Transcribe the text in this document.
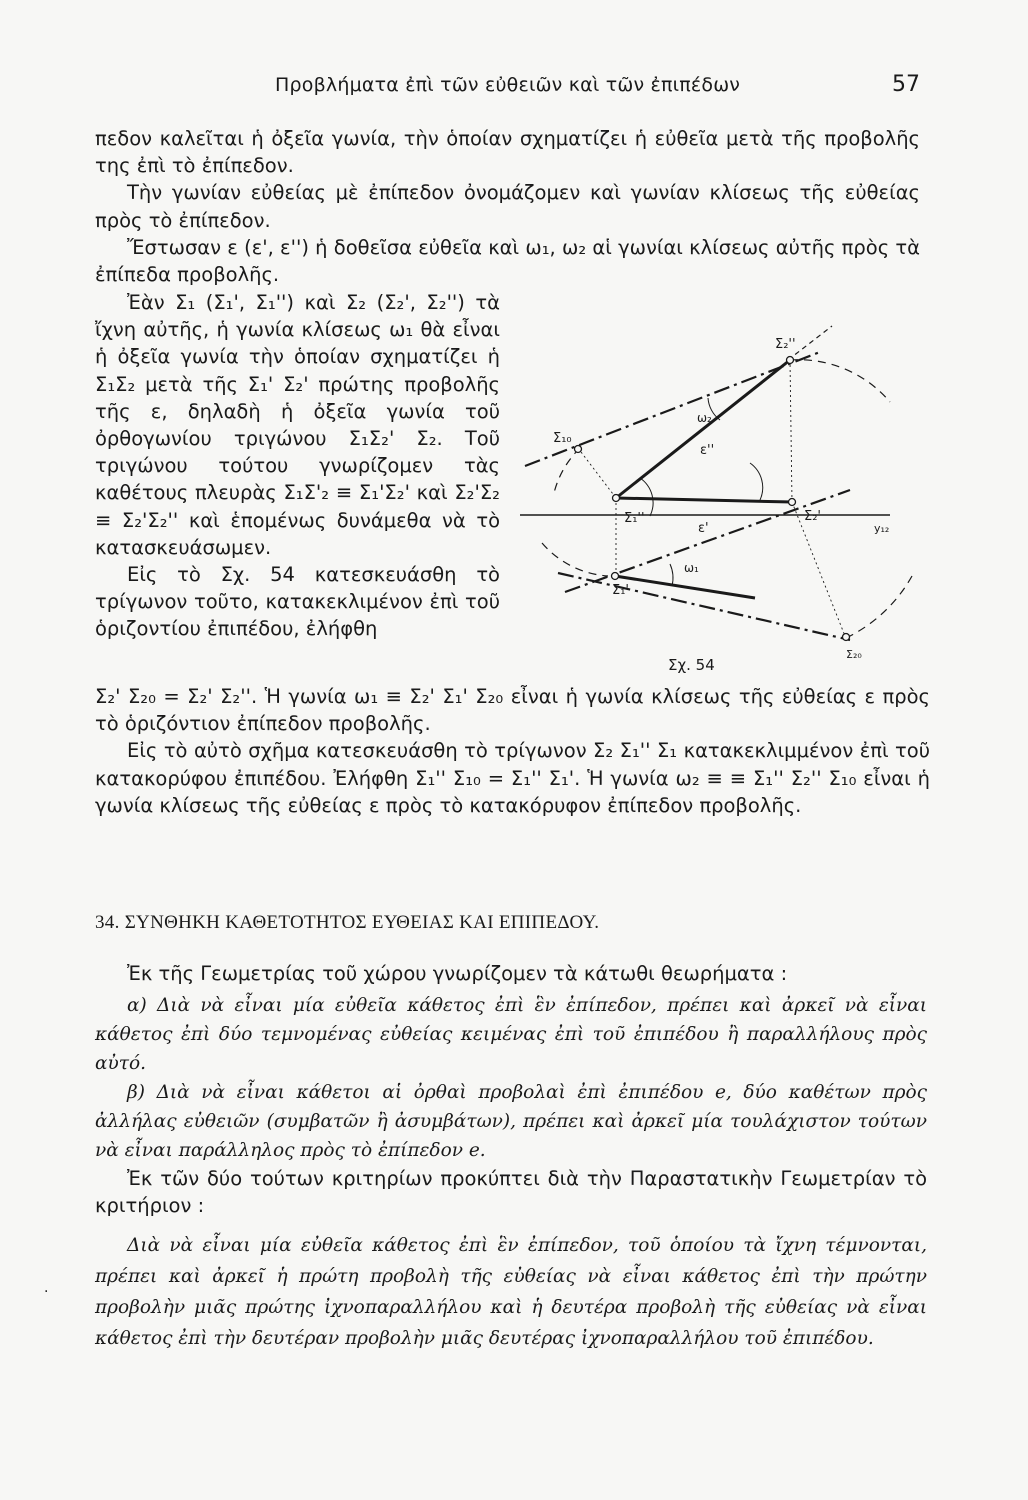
Προβλήματα ἐπὶ τῶν εὐθειῶν καὶ τῶν ἐπιπέδων	57

πεδον καλεῖται ἡ ὀξεῖα γωνία, τὴν ὁποίαν σχηματίζει ἡ εὐθεῖα μετὰ τῆς προβολῆς της ἐπὶ τὸ ἐπίπεδον.

Τὴν γωνίαν εὐθείας μὲ ἐπίπεδον ὀνομάζομεν καὶ γωνίαν κλίσεως τῆς εὐθείας πρὸς τὸ ἐπίπεδον.

Ἔστωσαν ε (ε', ε'') ἡ δοθεῖσα εὐθεῖα καὶ ω₁, ω₂ αἱ γωνίαι κλίσεως αὐτῆς πρὸς τὰ ἐπίπεδα προβολῆς.

Ἐὰν Σ₁ (Σ₁', Σ₁'') καὶ Σ₂ (Σ₂', Σ₂'') τὰ ἴχνη αὐτῆς, ἡ γωνία κλίσεως ω₁ θὰ εἶναι ἡ ὀξεῖα γωνία τὴν ὁποίαν σχηματίζει ἡ Σ₁Σ₂ μετὰ τῆς Σ₁' Σ₂' πρώτης προβολῆς τῆς ε, δηλαδὴ ἡ ὀξεῖα γωνία τοῦ ὀρθογωνίου τριγώνου Σ₁Σ₂' Σ₂. Τοῦ τριγώνου τούτου γνωρίζομεν τὰς καθέτους πλευρὰς Σ₁Σ'₂ ≡ Σ₁'Σ₂' καὶ Σ₂'Σ₂ ≡ Σ₂'Σ₂'' καὶ ἑπομένως δυνάμεθα νὰ τὸ κατασκευάσωμεν.

Εἰς τὸ Σχ. 54 κατεσκευάσθη τὸ τρίγωνον τοῦτο, κατακεκλιμένον ἐπὶ τοῦ ὁριζοντίου ἐπιπέδου, ἐλήφθη

Σ₂''
Σ₁₀
ω₂
ε''
Σ₁''
ε'
Σ₂'
y₁₂
ω₁
Σ₁'
Σ₂₀
Σχ. 54

Σ₂' Σ₂₀ = Σ₂' Σ₂''. Ἡ γωνία ω₁ ≡ Σ₂' Σ₁' Σ₂₀ εἶναι ἡ γωνία κλίσεως τῆς εὐθείας ε πρὸς τὸ ὁριζόντιον ἐπίπεδον προβολῆς.

Εἰς τὸ αὐτὸ σχῆμα κατεσκευάσθη τὸ τρίγωνον Σ₂ Σ₁'' Σ₁ κατακεκλιμμένον ἐπὶ τοῦ κατακορύφου ἐπιπέδου. Ἐλήφθη Σ₁'' Σ₁₀ = Σ₁'' Σ₁'. Ἡ γωνία ω₂ ≡ ≡ Σ₁'' Σ₂'' Σ₁₀ εἶναι ἡ γωνία κλίσεως τῆς εὐθείας ε πρὸς τὸ κατακόρυφον ἐπίπεδον προβολῆς.

34. ΣΥΝΘΗΚΗ ΚΑΘΕΤΟΤΗΤΟΣ ΕΥΘΕΙΑΣ ΚΑΙ ΕΠΙΠΕΔΟΥ.

Ἐκ τῆς Γεωμετρίας τοῦ χώρου γνωρίζομεν τὰ κάτωθι θεωρήματα :

α) Διὰ νὰ εἶναι μία εὐθεῖα κάθετος ἐπὶ ἓν ἐπίπεδον, πρέπει καὶ ἀρκεῖ νὰ εἶναι κάθετος ἐπὶ δύο τεμνομένας εὐθείας κειμένας ἐπὶ τοῦ ἐπιπέδου ἢ παραλλήλους πρὸς αὐτό.

β) Διὰ νὰ εἶναι κάθετοι αἱ ὀρθαὶ προβολαὶ ἐπὶ ἐπιπέδου e, δύο καθέτων πρὸς ἀλλήλας εὐθειῶν (συμβατῶν ἢ ἀσυμβάτων), πρέπει καὶ ἀρκεῖ μία τουλάχιστον τούτων νὰ εἶναι παράλληλος πρὸς τὸ ἐπίπεδον e.

Ἐκ τῶν δύο τούτων κριτηρίων προκύπτει διὰ τὴν Παραστατικὴν Γεωμετρίαν τὸ κριτήριον :

Διὰ νὰ εἶναι μία εὐθεῖα κάθετος ἐπὶ ἓν ἐπίπεδον, τοῦ ὁποίου τὰ ἴχνη τέμνονται, πρέπει καὶ ἀρκεῖ ἡ πρώτη προβολὴ τῆς εὐθείας νὰ εἶναι κάθετος ἐπὶ τὴν πρώτην προβολὴν μιᾶς πρώτης ἰχνοπαραλλήλου καὶ ἡ δευτέρα προβολὴ τῆς εὐθείας νὰ εἶναι κάθετος ἐπὶ τὴν δευτέραν προβολὴν μιᾶς δευτέρας ἰχνοπαραλλήλου τοῦ ἐπιπέδου.

·
